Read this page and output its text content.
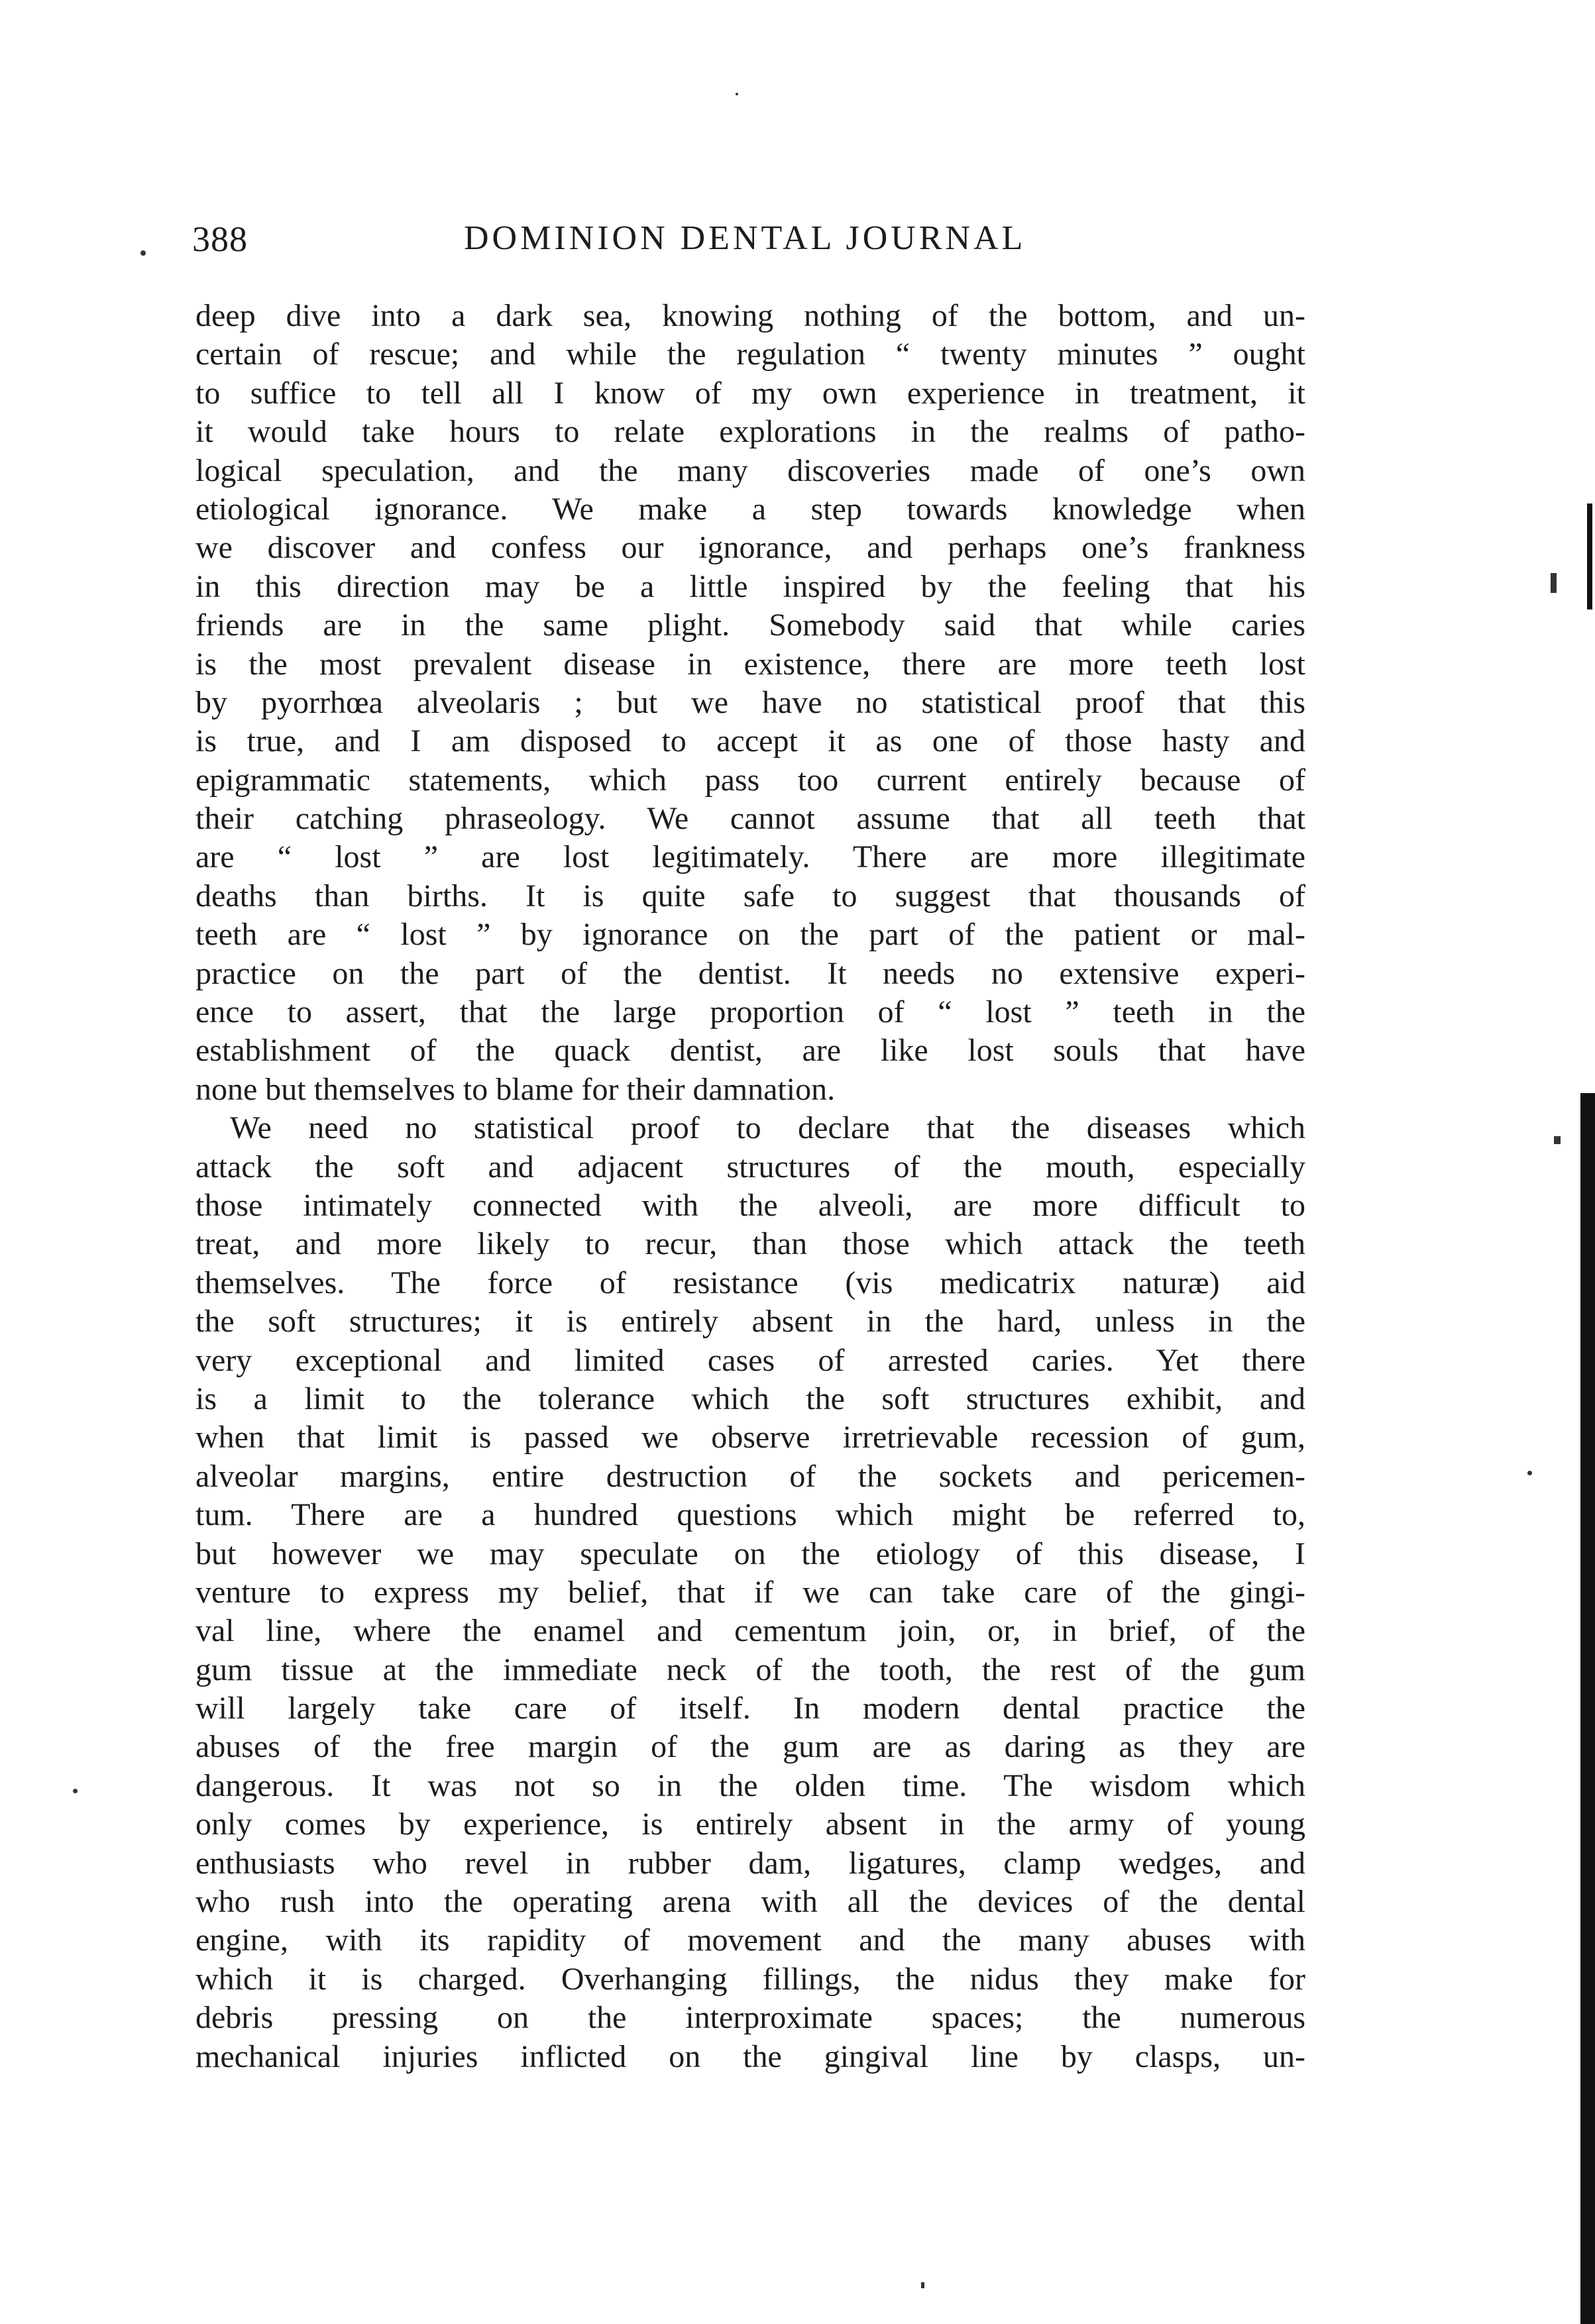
388	DOMINION DENTAL JOURNAL
deep dive into a dark sea, knowing nothing of the bottom, and un-
certain of rescue; and while the regulation “ twenty minutes ” ought
to suffice to tell all I know of my own experience in treatment, it
it would take hours to relate explorations in the realms of patho-
logical speculation, and the many discoveries made of one’s own
etiological ignorance. We make a step towards knowledge when
we discover and confess our ignorance, and perhaps one’s frankness
in this direction may be a little inspired by the feeling that his
friends are in the same plight. Somebody said that while caries
is the most prevalent disease in existence, there are more teeth lost
by pyorrhœa alveolaris ; but we have no statistical proof that this
is true, and I am disposed to accept it as one of those hasty and
epigrammatic statements, which pass too current entirely because of
their catching phraseology. We cannot assume that all teeth that
are “ lost ” are lost legitimately. There are more illegitimate
deaths than births. It is quite safe to suggest that thousands of
teeth are “ lost ” by ignorance on the part of the patient or mal-
practice on the part of the dentist. It needs no extensive experi-
ence to assert, that the large proportion of “ lost ” teeth in the
establishment of the quack dentist, are like lost souls that have
none but themselves to blame for their damnation.
We need no statistical proof to declare that the diseases which
attack the soft and adjacent structures of the mouth, especially
those intimately connected with the alveoli, are more difficult to
treat, and more likely to recur, than those which attack the teeth
themselves. The force of resistance (vis medicatrix naturæ) aid
the soft structures; it is entirely absent in the hard, unless in the
very exceptional and limited cases of arrested caries. Yet there
is a limit to the tolerance which the soft structures exhibit, and
when that limit is passed we observe irretrievable recession of gum,
alveolar margins, entire destruction of the sockets and pericemen-
tum. There are a hundred questions which might be referred to,
but however we may speculate on the etiology of this disease, I
venture to express my belief, that if we can take care of the gingi-
val line, where the enamel and cementum join, or, in brief, of the
gum tissue at the immediate neck of the tooth, the rest of the gum
will largely take care of itself. In modern dental practice the
abuses of the free margin of the gum are as daring as they are
dangerous. It was not so in the olden time. The wisdom which
only comes by experience, is entirely absent in the army of young
enthusiasts who revel in rubber dam, ligatures, clamp wedges, and
who rush into the operating arena with all the devices of the dental
engine, with its rapidity of movement and the many abuses with
which it is charged. Overhanging fillings, the nidus they make for
debris pressing on the interproximate spaces; the numerous
mechanical injuries inflicted on the gingival line by clasps, un-
